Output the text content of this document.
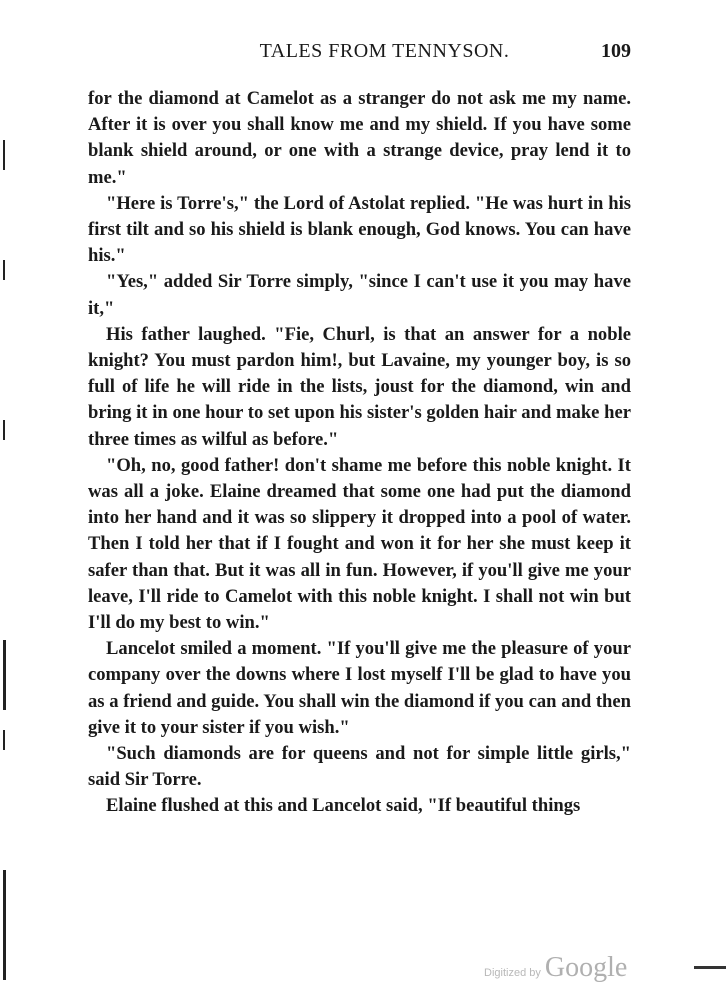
TALES FROM TENNYSON.	109

for the diamond at Camelot as a stranger do not ask me my name. After it is over you shall know me and my shield. If you have some blank shield around, or one with a strange device, pray lend it to me."

"Here is Torre's," the Lord of Astolat replied. "He was hurt in his first tilt and so his shield is blank enough, God knows. You can have his."

"Yes," added Sir Torre simply, "since I can't use it you may have it,"

His father laughed. "Fie, Churl, is that an answer for a noble knight? You must pardon him!, but Lavaine, my younger boy, is so full of life he will ride in the lists, joust for the diamond, win and bring it in one hour to set upon his sister's golden hair and make her three times as wilful as before."

"Oh, no, good father! don't shame me before this noble knight. It was all a joke. Elaine dreamed that some one had put the diamond into her hand and it was so slippery it dropped into a pool of water. Then I told her that if I fought and won it for her she must keep it safer than that. But it was all in fun. However, if you'll give me your leave, I'll ride to Camelot with this noble knight. I shall not win but I'll do my best to win."

Lancelot smiled a moment. "If you'll give me the pleasure of your company over the downs where I lost myself I'll be glad to have you as a friend and guide. You shall win the diamond if you can and then give it to your sister if you wish."

"Such diamonds are for queens and not for simple little girls," said Sir Torre.

Elaine flushed at this and Lancelot said, "If beautiful things

Digitized by Google
